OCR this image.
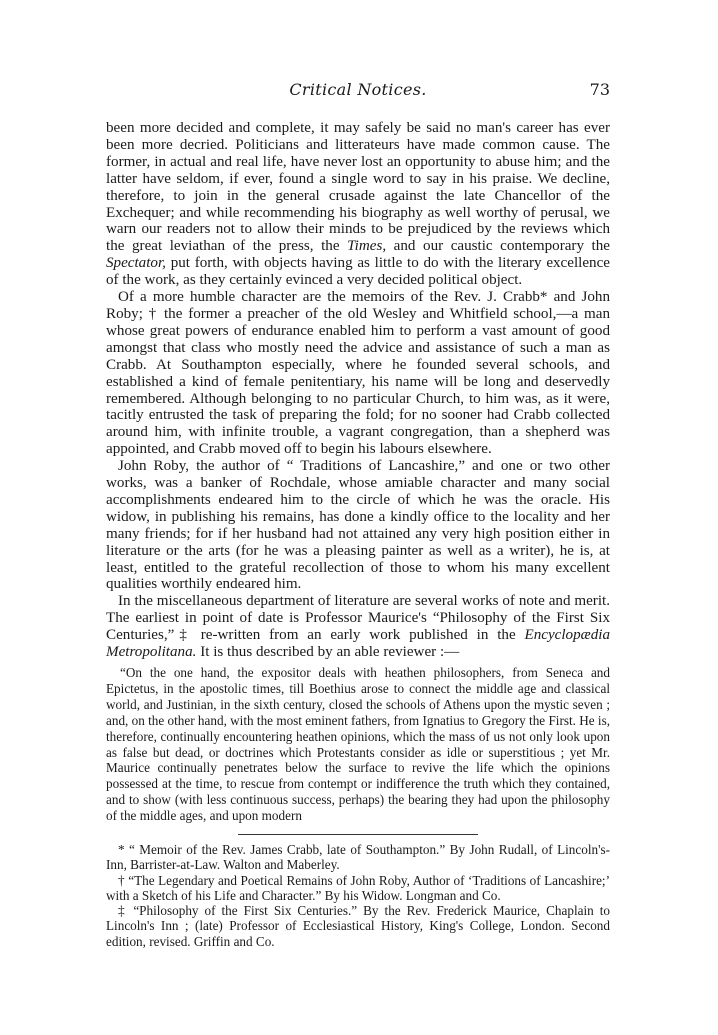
Critical Notices.	73

been more decided and complete, it may safely be said no man's career has ever been more decried. Politicians and litterateurs have made common cause. The former, in actual and real life, have never lost an opportunity to abuse him; and the latter have seldom, if ever, found a single word to say in his praise. We decline, therefore, to join in the general crusade against the late Chancellor of the Exchequer; and while recommending his biography as well worthy of perusal, we warn our readers not to allow their minds to be prejudiced by the reviews which the great leviathan of the press, the Times, and our caustic contemporary the Spectator, put forth, with objects having as little to do with the literary excellence of the work, as they certainly evinced a very decided political object.

Of a more humble character are the memoirs of the Rev. J. Crabb* and John Roby; † the former a preacher of the old Wesley and Whitfield school,—a man whose great powers of endurance enabled him to perform a vast amount of good amongst that class who mostly need the advice and assistance of such a man as Crabb. At Southampton especially, where he founded several schools, and established a kind of female penitentiary, his name will be long and deservedly remembered. Although belonging to no particular Church, to him was, as it were, tacitly entrusted the task of preparing the fold; for no sooner had Crabb collected around him, with infinite trouble, a vagrant congregation, than a shepherd was appointed, and Crabb moved off to begin his labours elsewhere.

John Roby, the author of “ Traditions of Lancashire,” and one or two other works, was a banker of Rochdale, whose amiable character and many social accomplishments endeared him to the circle of which he was the oracle. His widow, in publishing his remains, has done a kindly office to the locality and her many friends; for if her husband had not attained any very high position either in literature or the arts (for he was a pleasing painter as well as a writer), he is, at least, entitled to the grateful recollection of those to whom his many excellent qualities worthily endeared him.

In the miscellaneous department of literature are several works of note and merit. The earliest in point of date is Professor Maurice's “Philosophy of the First Six Centuries,”‡ re-written from an early work published in the Encyclopædia Metropolitana. It is thus described by an able reviewer :—

“On the one hand, the expositor deals with heathen philosophers, from Seneca and Epictetus, in the apostolic times, till Boethius arose to connect the middle age and classical world, and Justinian, in the sixth century, closed the schools of Athens upon the mystic seven ; and, on the other hand, with the most eminent fathers, from Ignatius to Gregory the First. He is, therefore, continually encountering heathen opinions, which the mass of us not only look upon as false but dead, or doctrines which Protestants consider as idle or superstitious ; yet Mr. Maurice continually penetrates below the surface to revive the life which the opinions possessed at the time, to rescue from contempt or indifference the truth which they contained, and to show (with less continuous success, perhaps) the bearing they had upon the philosophy of the middle ages, and upon modern

* “ Memoir of the Rev. James Crabb, late of Southampton.” By John Rudall, of Lincoln's-Inn, Barrister-at-Law. Walton and Maberley.

† “The Legendary and Poetical Remains of John Roby, Author of ‘Traditions of Lancashire;’ with a Sketch of his Life and Character.” By his Widow. Longman and Co.

‡ “Philosophy of the First Six Centuries.” By the Rev. Frederick Maurice, Chaplain to Lincoln's Inn ; (late) Professor of Ecclesiastical History, King's College, London. Second edition, revised. Griffin and Co.
